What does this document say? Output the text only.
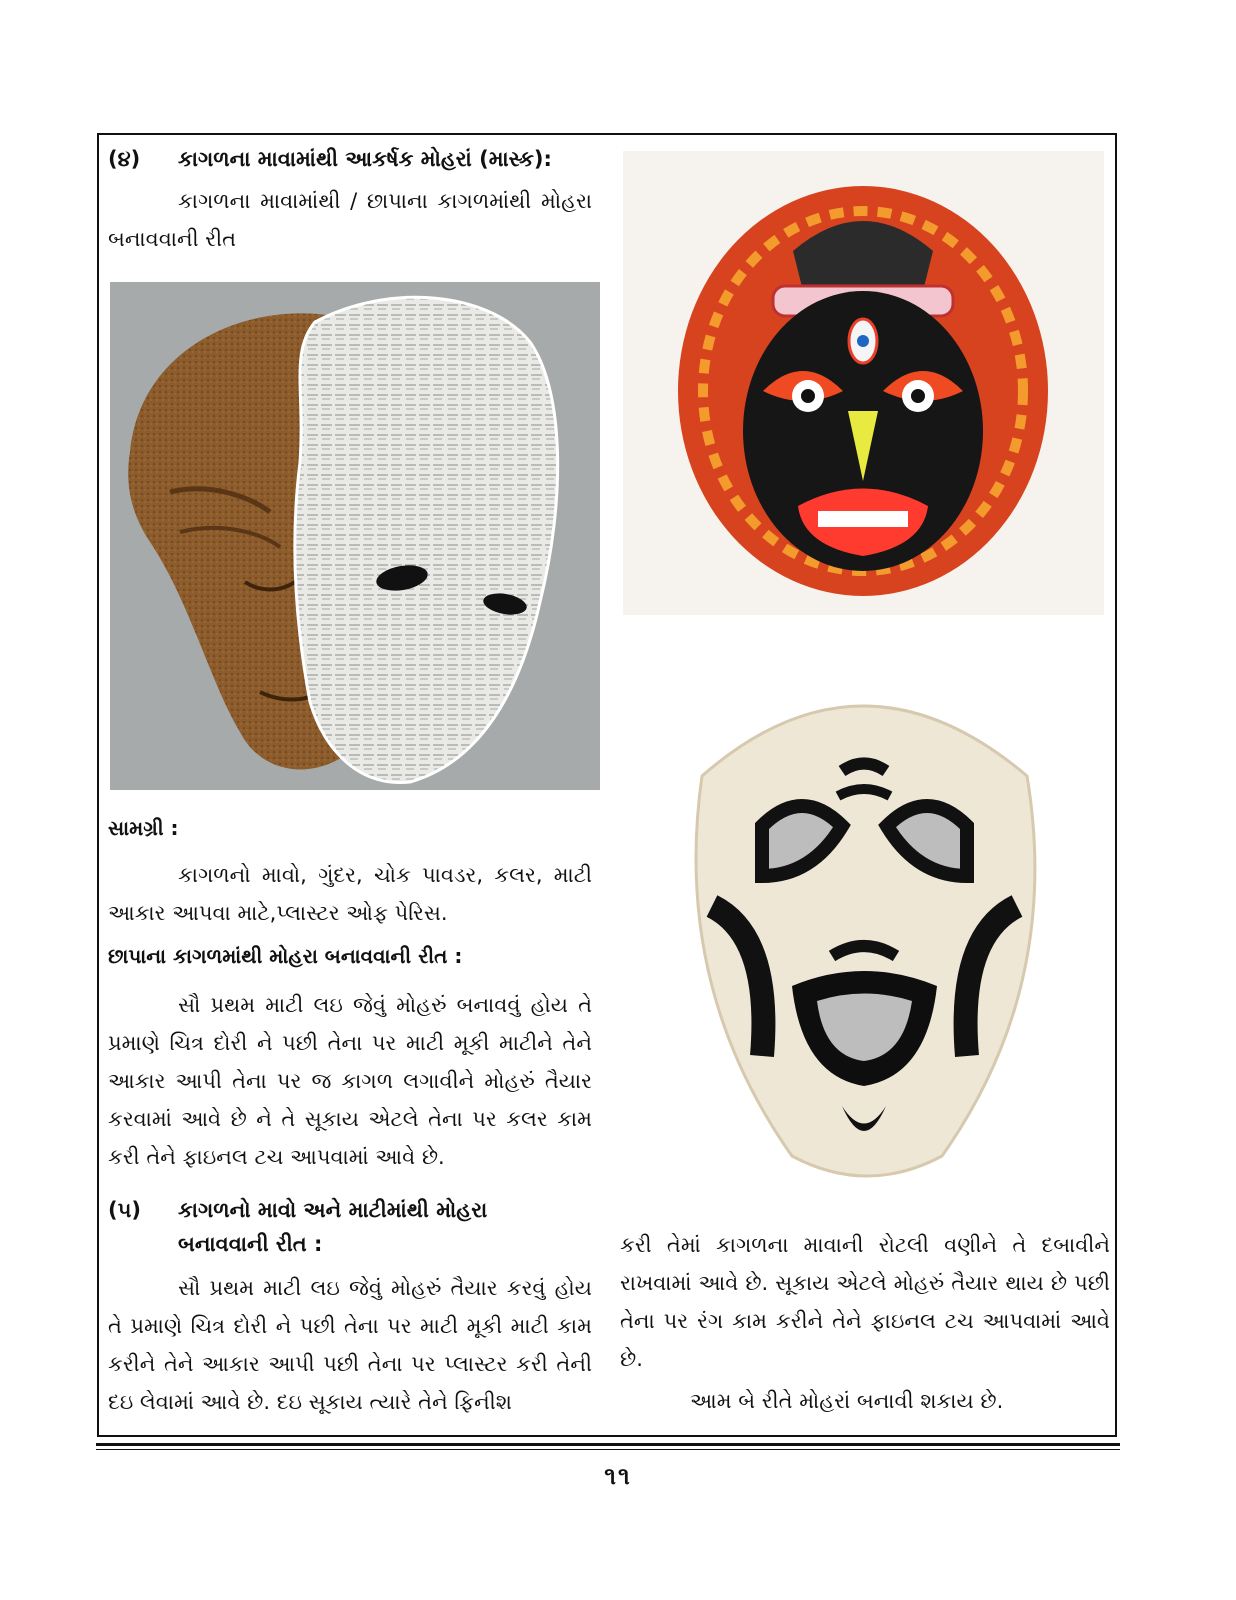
(૪) કાગળના માવામાંથી આકર્ષક મોહરાં (માસ્ક):

કાગળના માવામાંથી / છાપાના કાગળમાંથી મોહરા બનાવવાની રીત

સામગ્રી :

કાગળનો માવો, ગુંદર, ચોક પાવડર, કલર, માટી આકાર આપવા માટે,પ્લાસ્ટર ઓફ પેરિસ.

છાપાના કાગળમાંથી મોહરા બનાવવાની રીત :

સૌ પ્રથમ માટી લઇ જેવું મોહરું બનાવવું હોય તે પ્રમાણે ચિત્ર દોરી ને પછી તેના પર માટી મૂકી માટીને તેને આકાર આપી તેના પર જ કાગળ લગાવીને મોહરું તૈયાર કરવામાં આવે છે ને તે સૂકાય એટલે તેના પર કલર કામ કરી તેને ફાઇનલ ટચ આપવામાં આવે છે.

(૫) કાગળનો માવો અને માટીમાંથી મોહરા

બનાવવાની રીત :

સૌ પ્રથમ માટી લઇ જેવું મોહરું તૈયાર કરવું હોય તે પ્રમાણે ચિત્ર દોરી ને પછી તેના પર માટી મૂકી માટી કામ કરીને તેને આકાર આપી પછી તેના પર પ્લાસ્ટર કરી તેની દઇ લેવામાં આવે છે. દઇ સૂકાય ત્યારે તેને ફિનીશ

કરી તેમાં કાગળના માવાની રોટલી વણીને તે દબાવીને રાખવામાં આવે છે. સૂકાય એટલે મોહરું તૈયાર થાય છે પછી તેના પર રંગ કામ કરીને તેને ફાઇનલ ટચ આપવામાં આવે છે.

આમ બે રીતે મોહરાં બનાવી શકાય છે.

૧૧
